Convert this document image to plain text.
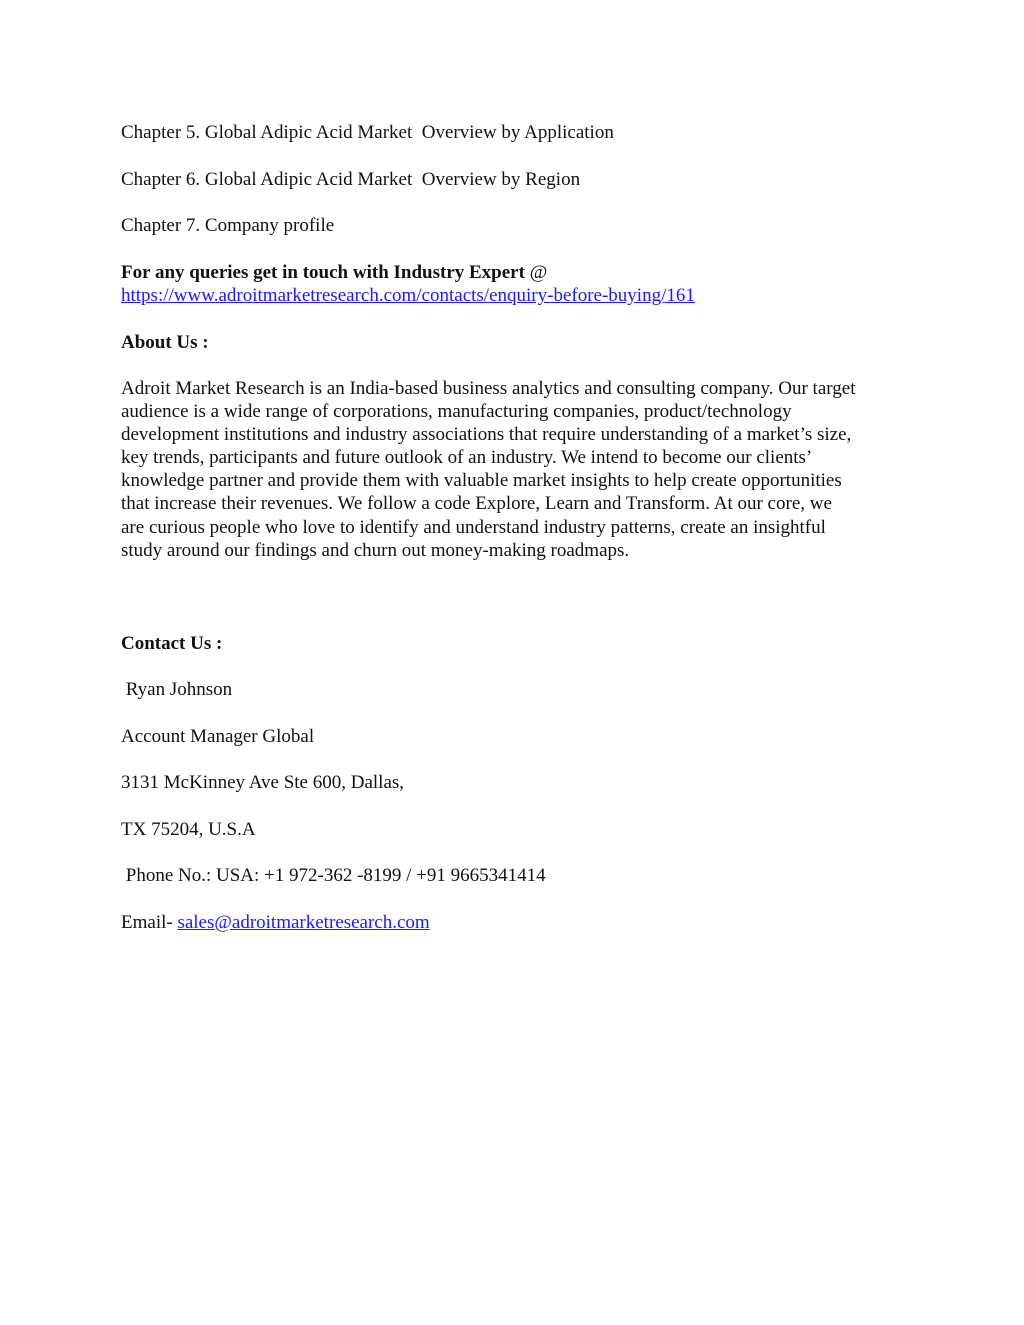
Chapter 5. Global Adipic Acid Market  Overview by Application

Chapter 6. Global Adipic Acid Market  Overview by Region

Chapter 7. Company profile

For any queries get in touch with Industry Expert @

https://www.adroitmarketresearch.com/contacts/enquiry-before-buying/161

About Us :

Adroit Market Research is an India-based business analytics and consulting company. Our target
audience is a wide range of corporations, manufacturing companies, product/technology
development institutions and industry associations that require understanding of a market’s size,
key trends, participants and future outlook of an industry. We intend to become our clients’
knowledge partner and provide them with valuable market insights to help create opportunities
that increase their revenues. We follow a code Explore, Learn and Transform. At our core, we
are curious people who love to identify and understand industry patterns, create an insightful
study around our findings and churn out money-making roadmaps.

Contact Us :

Ryan Johnson

Account Manager Global

3131 McKinney Ave Ste 600, Dallas,

TX 75204, U.S.A

Phone No.: USA: +1 972-362 -8199 / +91 9665341414

Email- sales@adroitmarketresearch.com
